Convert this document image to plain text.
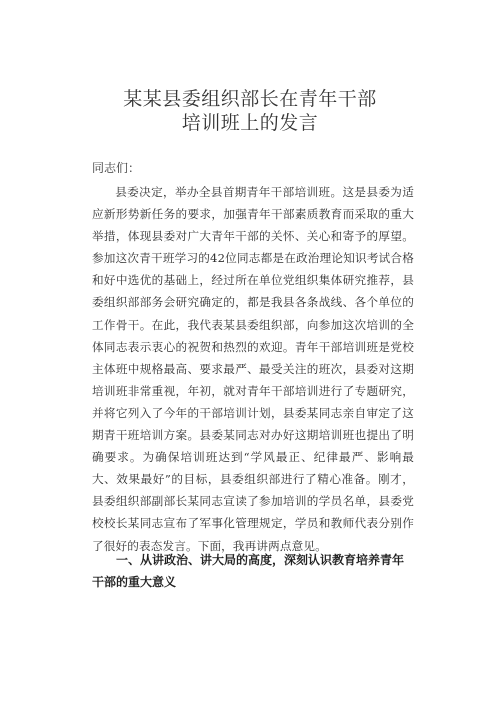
某某县委组织部长在青年干部
培训班上的发言
同志们：

县委决定，举办全县首期青年干部培训班。这是县委为适应新形势新任务的要求，加强青年干部素质教育而采取的重大举措，体现县委对广大青年干部的关怀、关心和寄予的厚望。参加这次青干班学习的42位同志都是在政治理论知识考试合格和好中选优的基础上，经过所在单位党组织集体研究推荐，县委组织部部务会研究确定的，都是我县各条战线、各个单位的工作骨干。在此，我代表某县委组织部，向参加这次培训的全体同志表示衷心的祝贺和热烈的欢迎。青年干部培训班是党校主体班中规格最高、要求最严、最受关注的班次，县委对这期培训班非常重视，年初，就对青年干部培训进行了专题研究，并将它列入了今年的干部培训计划，县委某同志亲自审定了这期青干班培训方案。县委某同志对办好这期培训班也提出了明确要求。为确保培训班达到“学风最正、纪律最严、影响最大、效果最好”的目标，县委组织部进行了精心准备。刚才，县委组织部副部长某同志宣读了参加培训的学员名单，县委党校校长某同志宣布了军事化管理规定，学员和教师代表分别作了很好的表态发言。下面，我再讲两点意见。

一、从讲政治、讲大局的高度，深刻认识教育培养青年干部的重大意义
